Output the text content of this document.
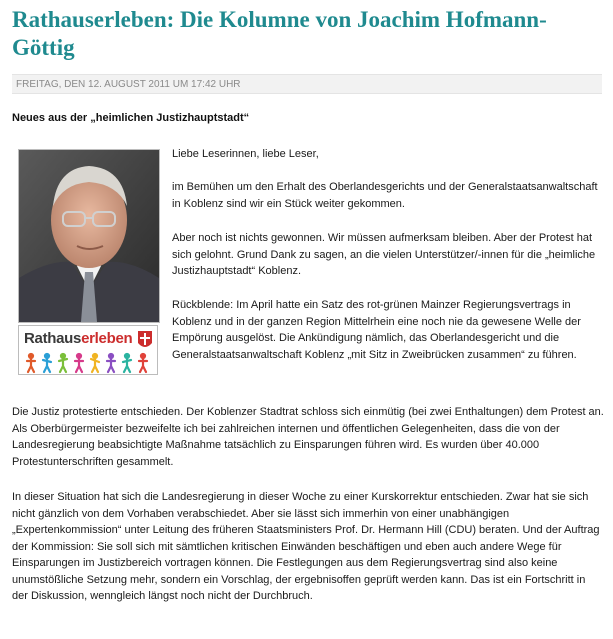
Rathauserleben: Die Kolumne von Joachim Hofmann-Göttig
FREITAG, DEN 12. AUGUST 2011 UM 17:42 UHR
Neues aus der „heimlichen Justizhauptstadt“
Rathauserleben

Liebe Leserinnen, liebe Leser,

im Bemühen um den Erhalt des Oberlandesgerichts und der Generalstaatsanwaltschaft in Koblenz sind wir ein Stück weiter gekommen.

Aber noch ist nichts gewonnen. Wir müssen aufmerksam bleiben. Aber der Protest hat sich gelohnt. Grund Dank zu sagen, an die vielen Unterstützer/-innen für die „heimliche Justizhauptstadt“ Koblenz.

Rückblende: Im April hatte ein Satz des rot-grünen Mainzer Regierungsvertrags in Koblenz und in der ganzen Region Mittelrhein eine noch nie da gewesene Welle der Empörung ausgelöst. Die Ankündigung nämlich, das Oberlandesgericht und die Generalstaatsanwaltschaft Koblenz „mit Sitz in Zweibrücken zusammen“ zu führen.

Die Justiz protestierte entschieden. Der Koblenzer Stadtrat schloss sich einmütig (bei zwei Enthaltungen) dem Protest an. Als Oberbürgermeister bezweifelte ich bei zahlreichen internen und öffentlichen Gelegenheiten, dass die von der Landesregierung beabsichtigte Maßnahme tatsächlich zu Einsparungen führen wird. Es wurden über 40.000 Protestunterschriften gesammelt.

In dieser Situation hat sich die Landesregierung in dieser Woche zu einer Kurskorrektur entschieden. Zwar hat sie sich nicht gänzlich von dem Vorhaben verabschiedet. Aber sie lässt sich immerhin von einer unabhängigen „Expertenkommission“ unter Leitung des früheren Staatsministers Prof. Dr. Hermann Hill (CDU) beraten. Und der Auftrag der Kommission: Sie soll sich mit sämtlichen kritischen Einwänden beschäftigen und eben auch andere Wege für Einsparungen im Justizbereich vortragen können. Die Festlegungen aus dem Regierungsvertrag sind also keine unumstößliche Setzung mehr, sondern ein Vorschlag, der ergebnisoffen geprüft werden kann. Das ist ein Fortschritt in der Diskussion, wenngleich längst noch nicht der Durchbruch.
